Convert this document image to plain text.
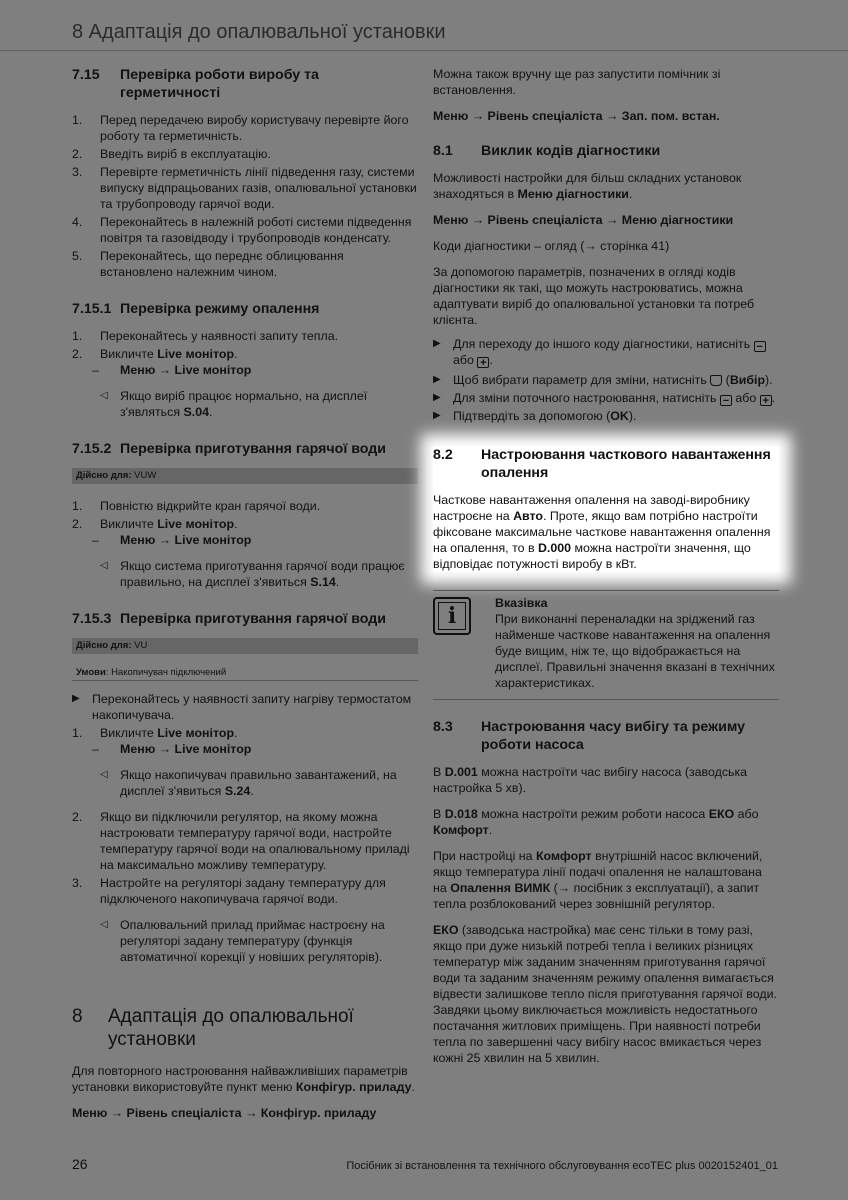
8 Адаптація до опалювальної установки
7.15	Перевірка роботи виробу та герметичності
1.	Перед передачею виробу користувачу перевірте його роботу та герметичність.
2.	Введіть виріб в експлуатацію.
3.	Перевірте герметичність лінії підведення газу, системи випуску відпрацьованих газів, опалювальної установки та трубопроводу гарячої води.
4.	Переконайтесь в належній роботі системи підведення повітря та газовідводу і трубопроводів конденсату.
5.	Переконайтесь, що переднє облицювання встановлено належним чином.
7.15.1 Перевірка режиму опалення
1.	Переконайтесь у наявності запиту тепла.
2.	Викличте Live монітор.
–	Меню → Live монітор
◁ Якщо виріб працює нормально, на дисплеї з'являться S.04.
7.15.2 Перевірка приготування гарячої води
Дійсно для: VUW
1.	Повністю відкрийте кран гарячої води.
2.	Викличте Live монітор.
–	Меню → Live монітор
◁ Якщо система приготування гарячої води працює правильно, на дисплеї з'явиться S.14.
7.15.3 Перевірка приготування гарячої води
Дійсно для: VU
Умови: Накопичувач підключений
▶ Переконайтесь у наявності запиту нагріву термостатом накопичувача.
1.	Викличте Live монітор.
–	Меню → Live монітор
◁ Якщо накопичувач правильно завантажений, на дисплеї з'явиться S.24.
2.	Якщо ви підключили регулятор, на якому можна настроювати температуру гарячої води, настройте температуру гарячої води на опалювальному приладі на максимально можливу температуру.
3.	Настройте на регуляторі задану температуру для підключеного накопичувача гарячої води.
◁ Опалювальний прилад приймає настроєну на регуляторі задану температуру (функція автоматичної корекції у новіших регуляторів).
8	Адаптація до опалювальної установки

Для повторного настроювання найважливіших параметрів установки використовуйте пункт меню Конфігур. приладу.

Меню → Рівень спеціаліста → Конфігур. приладу

Можна також вручну ще раз запустити помічник зі встановлення.

Меню → Рівень спеціаліста → Зап. пом. встан.

8.1	Виклик кодів діагностики

Можливості настройки для більш складних установок знаходяться в Меню діагностики.

Меню → Рівень спеціаліста → Меню діагностики

Коди діагностики – огляд (→ сторінка 41)

За допомогою параметрів, позначених в огляді кодів діагностики як такі, що можуть настроюватись, можна адаптувати виріб до опалювальної установки та потреб клієнта.

▶ Для переходу до іншого коду діагностики, натисніть − або + .
▶ Щоб вибрати параметр для зміни, натисніть  (Вибір).
▶ Для зміни поточного настроювання, натисніть − або + .
▶ Підтвердіть за допомогою (OK).
8.2	Настроювання часткового навантаження опалення

Часткове навантаження опалення на заводі-виробнику настроєне на Авто. Проте, якщо вам потрібно настроїти фіксоване максимальне часткове навантаження опалення на опалення, то в D.000 можна настроїти значення, що відповідає потужності виробу в кВт.

i	Вказівка

При виконанні переналадки на зріджений газ найменше часткове навантаження на опалення буде вищим, ніж те, що відображається на дисплеї. Правильні значення вказані в технічних характеристиках.

8.3	Настроювання часу вибігу та режиму роботи насоса

В D.001 можна настроїти час вибігу насоса (заводська настройка 5 хв).

В D.018 можна настроїти режим роботи насоса ЕКО або Комфорт.

При настройці на Комфорт внутрішній насос включений, якщо температура лінії подачі опалення не налаштована на Опалення ВИМК (→ посібник з експлуатації), а запит тепла розблокований через зовнішній регулятор.

ЕКО (заводська настройка) має сенс тільки в тому разі, якщо при дуже низькій потребі тепла і великих різницях температур між заданим значенням приготування гарячої води та заданим значенням режиму опалення вимагається відвести залишкове тепло після приготування гарячої води. Завдяки цьому виключається можливість недостатнього постачання житлових приміщень. При наявності потреби тепла по завершенні часу вибігу насос вмикається через кожні 25 хвилин на 5 хвилин.

26	Посібник зі встановлення та технічного обслуговування ecoTEC plus 0020152401_01
